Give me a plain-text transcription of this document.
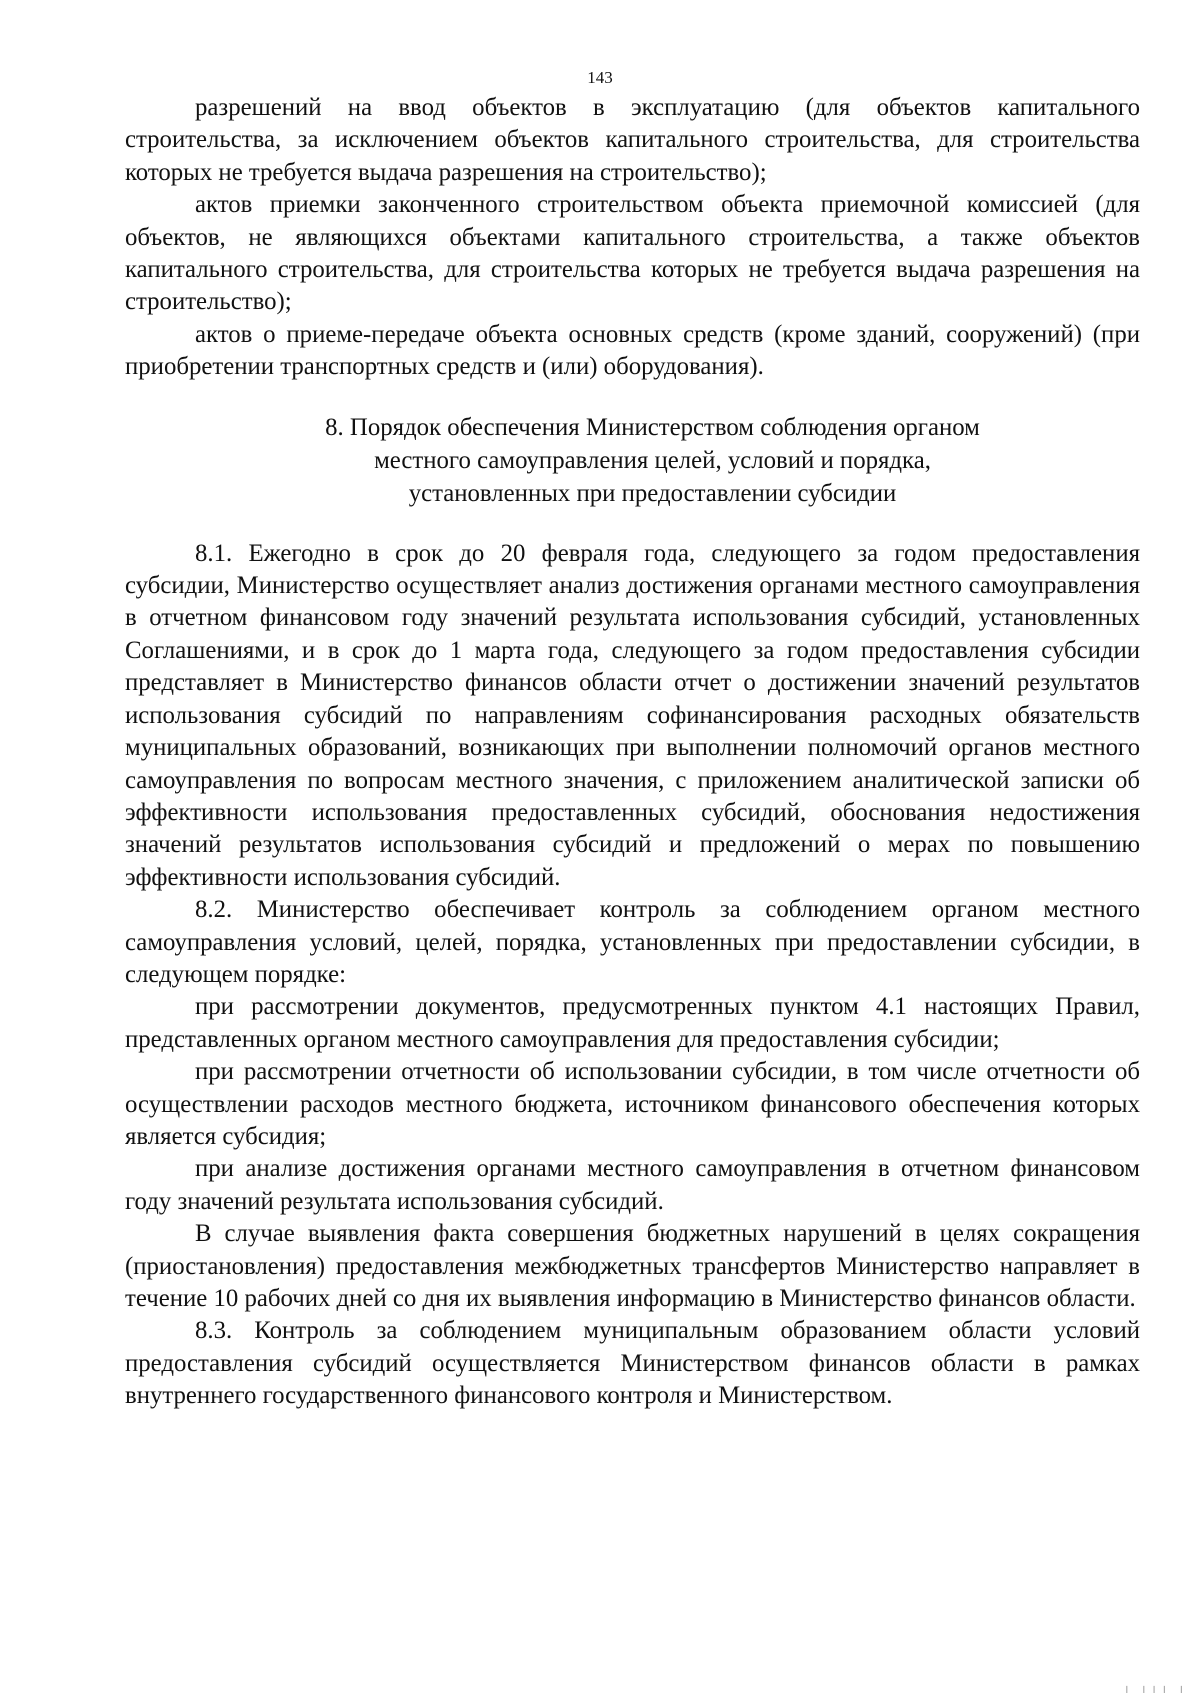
143

разрешений на ввод объектов в эксплуатацию (для объектов капитального строительства, за исключением объектов капитального строительства, для строительства которых не требуется выдача разрешения на строительство);

актов приемки законченного строительством объекта приемочной комиссией (для объектов, не являющихся объектами капитального строительства, а также объектов капитального строительства, для строительства которых не требуется выдача разрешения на строительство);

актов о приеме-передаче объекта основных средств (кроме зданий, сооружений) (при приобретении транспортных средств и (или) оборудования).

8. Порядок обеспечения Министерством соблюдения органом
местного самоуправления целей, условий и порядка,
установленных при предоставлении субсидии

8.1. Ежегодно в срок до 20 февраля года, следующего за годом предоставления субсидии, Министерство осуществляет анализ достижения органами местного самоуправления в отчетном финансовом году значений результата использования субсидий, установленных Соглашениями, и в срок до 1 марта года, следующего за годом предоставления субсидии представляет в Министерство финансов области отчет о достижении значений результатов использования субсидий по направлениям софинансирования расходных обязательств муниципальных образований, возникающих при выполнении полномочий органов местного самоуправления по вопросам местного значения, с приложением аналитической записки об эффективности использования предоставленных субсидий, обоснования недостижения значений результатов использования субсидий и предложений о мерах по повышению эффективности использования субсидий.

8.2. Министерство обеспечивает контроль за соблюдением органом местного самоуправления условий, целей, порядка, установленных при предоставлении субсидии, в следующем порядке:

при рассмотрении документов, предусмотренных пунктом 4.1 настоящих Правил, представленных органом местного самоуправления для предоставления субсидии;

при рассмотрении отчетности об использовании субсидии, в том числе отчетности об осуществлении расходов местного бюджета, источником финансового обеспечения которых является субсидия;

при анализе достижения органами местного самоуправления в отчетном финансовом году значений результата использования субсидий.

В случае выявления факта совершения бюджетных нарушений в целях сокращения (приостановления) предоставления межбюджетных трансфертов Министерство направляет в течение 10 рабочих дней со дня их выявления информацию в Министерство финансов области.

8.3. Контроль за соблюдением муниципальным образованием области условий предоставления субсидий осуществляется Министерством финансов области в рамках внутреннего государственного финансового контроля и Министерством.

╷ ╷╷╷ ╷
